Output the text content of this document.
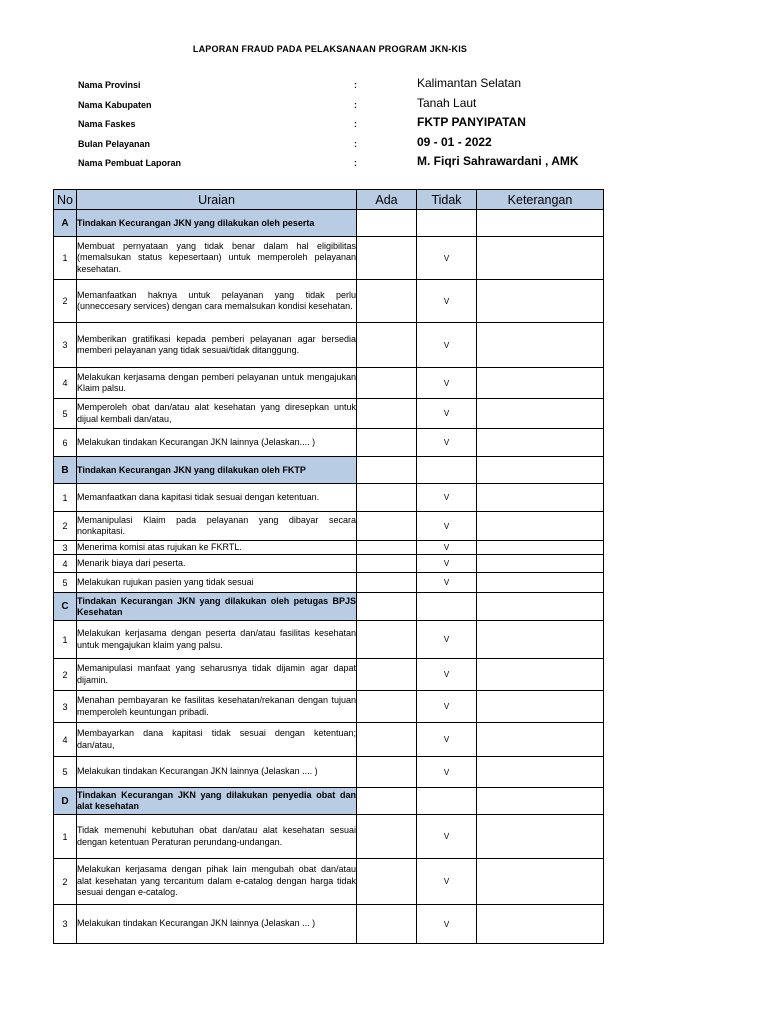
LAPORAN FRAUD PADA PELAKSANAAN PROGRAM JKN-KIS
Nama Provinsi	:	Kalimantan Selatan
Nama Kabupaten	:	Tanah Laut
Nama Faskes	:	FKTP PANYIPATAN
Bulan Pelayanan	:	09 - 01 - 2022
Nama Pembuat Laporan	:	M. Fiqri Sahrawardani , AMK
No	Uraian	Ada	Tidak	Keterangan
A	Tindakan Kecurangan JKN yang dilakukan oleh peserta			
1	Membuat pernyataan yang tidak benar dalam hal eligibilitas (memalsukan status kepesertaan) untuk memperoleh pelayanan kesehatan.		V	
2	Memanfaatkan haknya untuk pelayanan yang tidak perlu (unneccesary services) dengan cara memalsukan kondisi kesehatan.		V	
3	Memberikan gratifikasi kepada pemberi pelayanan agar bersedia memberi pelayanan yang tidak sesuai/tidak ditanggung.		V	
4	Melakukan kerjasama dengan pemberi pelayanan untuk mengajukan Klaim palsu.		V	
5	Memperoleh obat dan/atau alat kesehatan yang diresepkan untuk dijual kembali dan/atau,		V	
6	Melakukan tindakan Kecurangan JKN lainnya (Jelaskan.... )		V	
B	Tindakan Kecurangan JKN yang dilakukan oleh FKTP			
1	Memanfaatkan dana kapitasi tidak sesuai dengan ketentuan.		V	
2	Memanipulasi Klaim pada pelayanan yang dibayar secara nonkapitasi.		V	
3	Menerima komisi atas rujukan ke FKRTL.		V	
4	Menarik biaya dari peserta.		V	
5	Melakukan rujukan pasien yang tidak sesuai		V	
C	Tindakan Kecurangan JKN yang dilakukan oleh petugas BPJS Kesehatan			
1	Melakukan kerjasama dengan peserta dan/atau fasilitas kesehatan untuk mengajukan klaim yang palsu.		V	
2	Memanipulasi manfaat yang seharusnya tidak dijamin agar dapat dijamin.		V	
3	Menahan pembayaran ke fasilitas kesehatan/rekanan dengan tujuan memperoleh keuntungan pribadi.		V	
4	Membayarkan dana kapitasi tidak sesuai dengan ketentuan; dan/atau,		V	
5	Melakukan tindakan Kecurangan JKN lainnya (Jelaskan .... )		V	
D	Tindakan Kecurangan JKN yang dilakukan penyedia obat dan alat kesehatan			
1	Tidak memenuhi kebutuhan obat dan/atau alat kesehatan sesuai dengan ketentuan Peraturan perundang-undangan.		V	
2	Melakukan kerjasama dengan pihak lain mengubah obat dan/atau alat kesehatan yang tercantum dalam e-catalog dengan harga tidak sesuai dengan e-catalog.		V	
3	Melakukan tindakan Kecurangan JKN lainnya (Jelaskan ... )		V	
